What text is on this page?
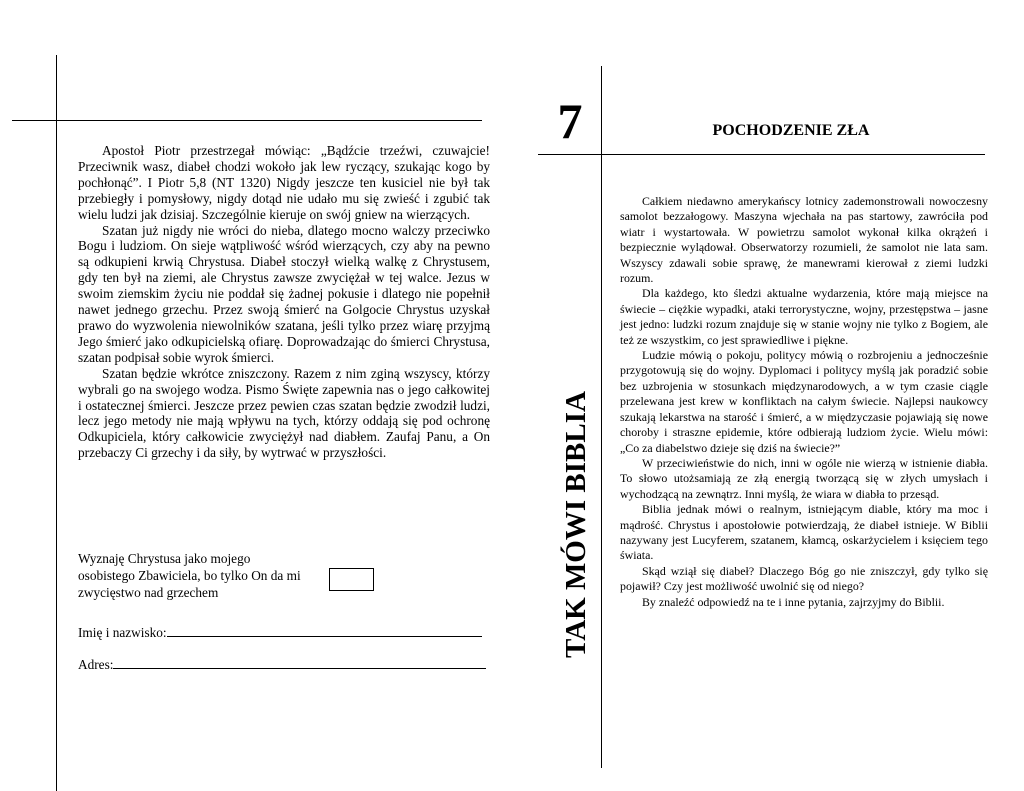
Apostoł Piotr przestrzegał mówiąc: „Bądźcie trzeźwi, czuwajcie! Przeciwnik wasz, diabeł chodzi wokoło jak lew ryczący, szukając kogo by pochłonąć”. I Piotr 5,8 (NT 1320) Nigdy jeszcze ten kusiciel nie był tak przebiegły i pomysłowy, nigdy dotąd nie udało mu się zwieść i zgubić tak wielu ludzi jak dzisiaj. Szczególnie kieruje on swój gniew na wierzących.

Szatan już nigdy nie wróci do nieba, dlatego mocno walczy przeciwko Bogu i ludziom. On sieje wątpliwość wśród wierzących, czy aby na pewno są odkupieni krwią Chrystusa. Diabeł stoczył wielką walkę z Chrystusem, gdy ten był na ziemi, ale Chrystus zawsze zwyciężał w tej walce. Jezus w swoim ziemskim życiu nie poddał się żadnej pokusie i dlatego nie popełnił nawet jednego grzechu. Przez swoją śmierć na Golgocie Chrystus uzyskał prawo do wyzwolenia niewolników szatana, jeśli tylko przez wiarę przyjmą Jego śmierć jako odkupicielską ofiarę. Doprowadzając do śmierci Chrystusa, szatan podpisał sobie wyrok śmierci.

Szatan będzie wkrótce zniszczony. Razem z nim zginą wszyscy, którzy wybrali go na swojego wodza. Pismo Święte zapewnia nas o jego całkowitej i ostatecznej śmierci. Jeszcze przez pewien czas szatan będzie zwodził ludzi, lecz jego metody nie mają wpływu na tych, którzy oddają się pod ochronę Odkupiciela, który całkowicie zwyciężył nad diabłem. Zaufaj Panu, a On przebaczy Ci grzechy i da siły, by wytrwać w przyszłości.

Wyznaję Chrystusa jako mojego osobistego Zbawiciela, bo tylko On da mi zwycięstwo nad grzechem
Imię i nazwisko:
Adres:
7
TAK MÓWI BIBLIA
POCHODZENIE ZŁA

Całkiem niedawno amerykańscy lotnicy zademonstrowali nowoczesny samolot bezzałogowy. Maszyna wjechała na pas startowy, zawróciła pod wiatr i wystartowała. W powietrzu samolot wykonał kilka okrążeń i bezpiecznie wylądował. Obserwatorzy rozumieli, że samolot nie lata sam. Wszyscy zdawali sobie sprawę, że manewrami kierował z ziemi ludzki rozum.

Dla każdego, kto śledzi aktualne wydarzenia, które mają miejsce na świecie – ciężkie wypadki, ataki terrorystyczne, wojny, przestępstwa – jasne jest jedno: ludzki rozum znajduje się w stanie wojny nie tylko z Bogiem, ale też ze wszystkim, co jest sprawiedliwe i piękne.

Ludzie mówią o pokoju, politycy mówią o rozbrojeniu a jednocześnie przygotowują się do wojny. Dyplomaci i politycy myślą jak poradzić sobie bez uzbrojenia w stosunkach międzynarodowych, a w tym czasie ciągle przelewana jest krew w konfliktach na całym świecie. Najlepsi naukowcy szukają lekarstwa na starość i śmierć, a w międzyczasie pojawiają się nowe choroby i straszne epidemie, które odbierają ludziom życie. Wielu mówi: „Co za diabelstwo dzieje się dziś na świecie?”

W przeciwieństwie do nich, inni w ogóle nie wierzą w istnienie diabła. To słowo utożsamiają ze złą energią tworzącą się w złych umysłach i wychodzącą na zewnątrz. Inni myślą, że wiara w diabła to przesąd.

Biblia jednak mówi o realnym, istniejącym diable, który ma moc i mądrość. Chrystus i apostołowie potwierdzają, że diabeł istnieje. W Biblii nazywany jest Lucyferem, szatanem, kłamcą, oskarżycielem i księciem tego świata.

Skąd wziął się diabeł? Dlaczego Bóg go nie zniszczył, gdy tylko się pojawił? Czy jest możliwość uwolnić się od niego?

By znaleźć odpowiedź na te i inne pytania, zajrzyjmy do Biblii.
